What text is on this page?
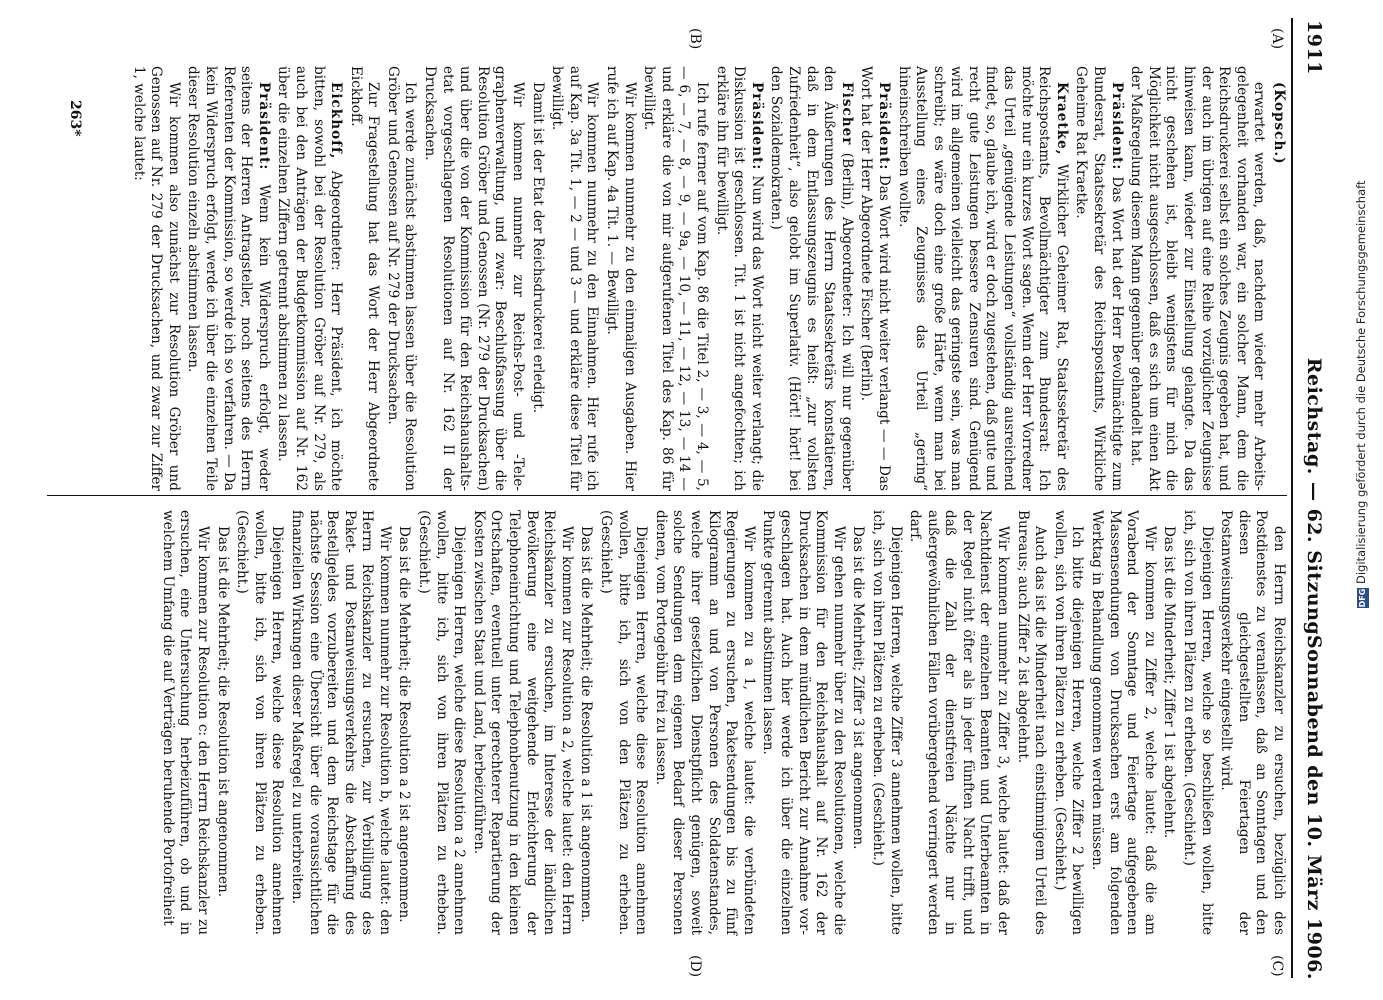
1911
Reichstag. — 62. Sitzung.
Sonnabend den 10. März 1906.
(A)
(B)
(C)
(D)

(Kopsch.)

erwartet werden, daß, nachdem wieder mehr Arbeitsgelegenheit vorhanden war, ein solcher Mann, dem die Reichsdruckerei selbst ein solches Zeugnis gegeben hat, und der auch im übrigen auf eine Reihe vorzüglicher Zeugnisse hinweisen kann, wieder zur Einstellung gelangte. Da das nicht geschehen ist, bleibt wenigstens für mich die Möglichkeit nicht ausgeschlossen, daß es sich um einen Akt der Maßregelung diesem Mann gegenüber gehandelt hat.

Präsident: Das Wort hat der Herr Bevollmächtigte zum Bundesrat, Staatssekretär des Reichspostamts, Wirkliche Geheime Rat Kraetke.

Kraetke, Wirklicher Geheimer Rat, Staatssekretär des Reichspostamts, Bevollmächtigter zum Bundesrat: Ich möchte nur ein kurzes Wort sagen. Wenn der Herr Vorredner das Urteil „genügende Leistungen“ vollständig ausreichend findet, so, glaube ich, wird er doch zugestehen, daß gute und recht gute Leistungen bessere Zensuren sind. Genügend wird im allgemeinen vielleicht das geringste sein, was man schreibt; es wäre doch eine große Härte, wenn man bei Ausstellung eines Zeugnisses das Urteil „gering“ hineinschreiben wollte.

Präsident: Das Wort wird nicht weiter verlangt — — Das Wort hat der Herr Abgeordnete Fischer (Berlin).

Fischer (Berlin), Abgeordneter: Ich will nur gegenüber den Äußerungen des Herrn Staatssekretärs konstatieren, daß in dem Entlassungszeugnis es heißt: „zur vollsten Zufriedenheit“, also gelobt im Superlativ. (Hört! hört! bei den Sozialdemokraten.)

Präsident: Nun wird das Wort nicht weiter verlangt; die Diskussion ist geschlossen. Tit. 1 ist nicht angefochten; ich erkläre ihn für bewilligt.

Ich rufe ferner auf vom Kap. 86 die Titel 2, — 3, — 4, — 5, — 6, — 7, — 8, — 9, — 9a, — 10, — 11, — 12, — 13, — 14 — und erkläre die von mir aufgerufenen Titel des Kap. 86 für bewilligt.

Wir kommen nunmehr zu den einmaligen Ausgaben. Hier rufe ich auf Kap. 4a Tit. 1. — Bewilligt.

Wir kommen nunmehr zu den Einnahmen. Hier rufe ich auf Kap. 3a Tit. 1, — 2 — und 3 — und erkläre diese Titel für bewilligt.

Damit ist der Etat der Reichsdruckerei erledigt.

Wir kommen nunmehr zur Reichs-Post- und -Telegraphenverwaltung, und zwar: Beschlußfassung über die Resolution Gröber und Genossen (Nr. 279 der Drucksachen) und über die von der Kommission für den Reichshaushaltsetat vorgeschlagenen Resolutionen auf Nr. 162 II der Drucksachen.

Ich werde zunächst abstimmen lassen über die Resolution Gröber und Genossen auf Nr. 279 der Drucksachen.

Zur Fragestellung hat das Wort der Herr Abgeordnete Eickhoff.

Eickhoff, Abgeordneter: Herr Präsident, ich möchte bitten, sowohl bei der Resolution Gröber auf Nr. 279, als auch bei den Anträgen der Budgetkommission auf Nr. 162 über die einzelnen Ziffern getrennt abstimmen zu lassen.

Präsident: Wenn kein Widerspruch erfolgt, weder seitens der Herren Antragsteller, noch seitens des Herrn Referenten der Kommission, so werde ich so verfahren. — Da kein Widerspruch erfolgt, werde ich über die einzelnen Teile dieser Resolution einzeln abstimmen lassen.

Wir kommen also zunächst zur Resolution Gröber und Genossen auf Nr. 279 der Drucksachen, und zwar zur Ziffer 1, welche lautet:

den Herrn Reichskanzler zu ersuchen, bezüglich des Postdienstes zu veranlassen, daß an Sonntagen und den diesen gleichgestellten Feiertagen der Postanweisungsverkehr eingestellt wird.

Diejenigen Herren, welche so beschließen wollen, bitte ich, sich von ihren Plätzen zu erheben. (Geschieht.)

Das ist die Minderheit; Ziffer 1 ist abgelehnt.

Wir kommen zu Ziffer 2, welche lautet: daß die am Vorabend der Sonntage und Feiertage aufgegebenen Massensendungen von Drucksachen erst am folgenden Werktag in Behandlung genommen werden müssen.

Ich bitte diejenigen Herren, welche Ziffer 2 bewilligen wollen, sich von ihren Plätzen zu erheben. (Geschieht.)

Auch das ist die Minderheit nach einstimmigem Urteil des Bureaus; auch Ziffer 2 ist abgelehnt.

Wir kommen nunmehr zu Ziffer 3, welche lautet: daß der Nachtdienst der einzelnen Beamten und Unterbeamten in der Regel nicht öfter als in jeder fünften Nacht trifft, und daß die Zahl der dienstfreien Nächte nur in außergewöhnlichen Fällen vorübergehend verringert werden darf.

Diejenigen Herren, welche Ziffer 3 annehmen wollen, bitte ich, sich von ihren Plätzen zu erheben. (Geschieht.)

Das ist die Mehrheit; Ziffer 3 ist angenommen.

Wir gehen nunmehr über zu den Resolutionen, welche die Kommission für den Reichshaushalt auf Nr. 162 der Drucksachen in dem mündlichen Bericht zur Annahme vorgeschlagen hat. Auch hier werde ich über die einzelnen Punkte getrennt abstimmen lassen.

Wir kommen zu a 1, welche lautet: die verbündeten Regierungen zu ersuchen, Paketsendungen bis zu fünf Kilogramm an und von Personen des Soldatenstandes, welche ihrer gesetzlichen Dienstpflicht genügen, soweit solche Sendungen dem eigenen Bedarf dieser Personen dienen, vom Portogebühr frei zu lassen.

Diejenigen Herren, welche diese Resolution annehmen wollen, bitte ich, sich von den Plätzen zu erheben. (Geschieht.)

Das ist die Mehrheit; die Resolution a 1 ist angenommen.

Wir kommen zur Resolution a 2, welche lautet: den Herrn Reichskanzler zu ersuchen, im Interesse der ländlichen Bevölkerung eine weitgehende Erleichterung der Telephoneinrichtung und Telephonbenutzung in den kleinen Ortschaften, eventuell unter gerechterer Repartierung der Kosten zwischen Staat und Land, herbeizuführen.

Diejenigen Herren, welche diese Resolution a 2 annehmen wollen, bitte ich, sich von ihren Plätzen zu erheben. (Geschieht.)

Das ist die Mehrheit; die Resolution a 2 ist angenommen.

Wir kommen nunmehr zur Resolution b, welche lautet: den Herrn Reichskanzler zu ersuchen, zur Verbilligung des Paket- und Postanweisungsverkehrs die Abschaffung des Bestellgeldes vorzubereiten und dem Reichstage für die nächste Session eine Übersicht über die voraussichtlichen finanziellen Wirkungen dieser Maßregel zu unterbreiten.

Diejenigen Herren, welche diese Resolution annehmen wollen, bitte ich, sich von ihren Plätzen zu erheben. (Geschieht.)

Das ist die Mehrheit; die Resolution ist angenommen.

Wir kommen zur Resolution c: den Herrn Reichskanzler zu ersuchen, eine Untersuchung herbeizuführen, ob und in welchem Umfang die auf Verträgen beruhende Portofreiheit

263*
DFGDigitalisierung gefördert durch die Deutsche Forschungsgemeinschaft
